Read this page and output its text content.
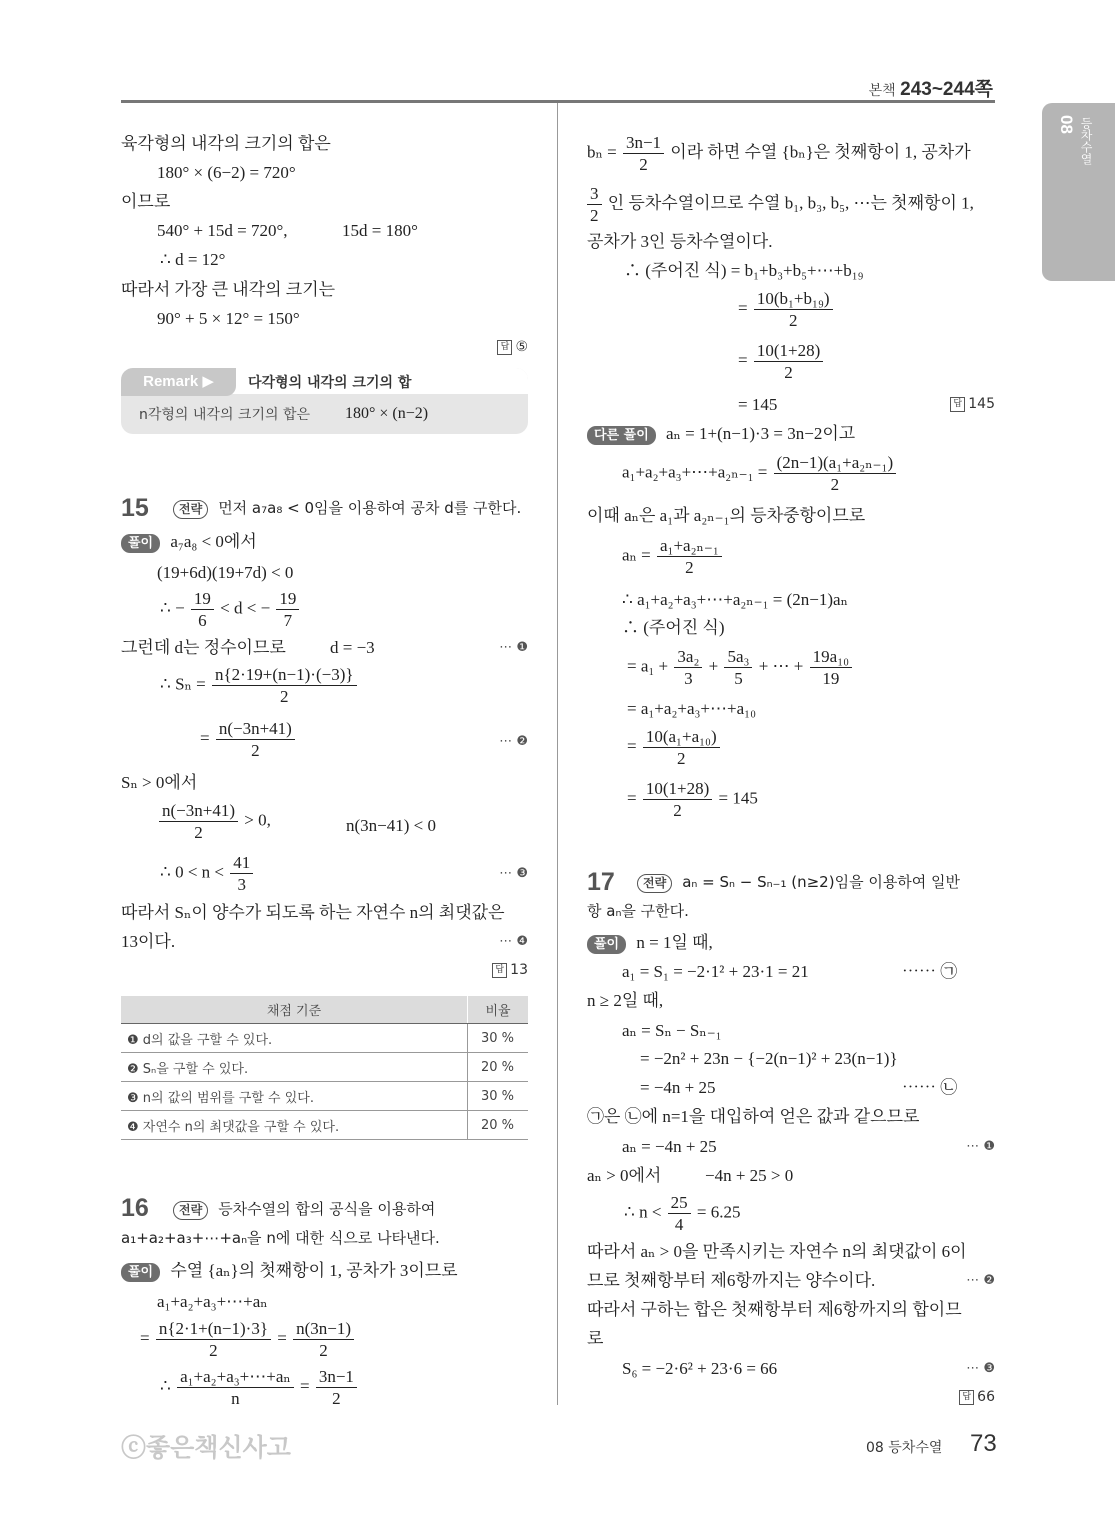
본책 243~244쪽
08 등차수열
육각형의 내각의 크기의 합은
180° × (6−2) = 720°
이므로
540° + 15d = 720°,	15d = 180°
∴ d = 12°
따라서 가장 큰 내각의 크기는
90° + 5 × 12° = 150°
답 ⑤
Remark ▶	다각형의 내각의 크기의 합
n각형의 내각의 크기의 합은 180° × (n−2)
15	전략 먼저 a₇a₈ < 0임을 이용하여 공차 d를 구한다.
풀이 a₇a₈ < 0에서
(19+6d)(19+7d) < 0
∴ − $\frac{19}{6} < d$ < − $\frac{19}{7}$
그런데 d는 정수이므로	d = −3	⋯ ❶
∴ $S_n = \frac{n\{2\cdot 19+(n-1)\cdot(-3)\}}{2}$
= $\frac{n(-3n+41)}{2}$	⋯ ❷
Sₙ > 0에서
$\frac{n(-3n+41)}{2} > 0$,	n(3n−41) < 0
∴ $0 < n < \frac{41}{3}$	⋯ ❸
따라서 Sₙ이 양수가 되도록 하는 자연수 n의 최댓값은
13이다.	⋯ ❹
답 13
채점 기준	비율
❶ d의 값을 구할 수 있다.	30 %
❷ Sₙ을 구할 수 있다.	20 %
❸ n의 값의 범위를 구할 수 있다.	30 %
❹ 자연수 n의 최댓값을 구할 수 있다.	20 %
16	전략 등차수열의 합의 공식을 이용하여
a₁+a₂+a₃+⋯+aₙ을 n에 대한 식으로 나타낸다.
풀이 수열 {aₙ}의 첫째항이 1, 공차가 3이므로
a₁+a₂+a₃+⋯+aₙ
= $\frac{n\{2\cdot 1+(n-1)\cdot 3\}}{2} = \frac{n(3n-1)}{2}$
∴ $\frac{\text{a₁+a₂+a₃+⋯+aₙ}}{n} = \frac{3n-1}{2}$
$b_n = \frac{3n-1}{2}$ 이라 하면 수열 {bₙ}은 첫째항이 1, 공차가
$\frac{3}{2}$ 인 등차수열이므로 수열 b₁, b₃, b₅, ⋯는 첫째항이 1,
공차가 3인 등차수열이다.
∴ (주어진 식) = b₁+b₃+b₅+⋯+b₁₉
= $\frac{\text{10(b₁+b₁₉)}}{2}$
= $\frac{10(1+28)}{2}$
= 145	답 145
다른 풀이 aₙ = 1+(n−1)·3 = 3n−2이고
a₁+a₂+a₃+⋯+a₂ₙ₋₁ = $\frac{\text{(2n−1)(a₁+a₂ₙ₋₁)}}{2}$
이때 aₙ은 a₁과 a₂ₙ₋₁의 등차중항이므로
$a_n = \frac{\text{a₁+a₂ₙ₋₁}}{2}$
∴ a₁+a₂+a₃+⋯+a₂ₙ₋₁ = (2n−1)aₙ
∴ (주어진 식)
= $a_1 + \frac{\text{3a₂}}{3} + \frac{\text{5a₃}}{5}$ + ⋯ + $\frac{\text{19a₁₀}}{19}$
= a₁+a₂+a₃+⋯+a₁₀
= $\frac{\text{10(a₁+a₁₀)}}{2}$
= $\frac{10(1+28)}{2} = 145$
17	전략 aₙ = Sₙ − Sₙ₋₁ (n≥2)임을 이용하여 일반
항 aₙ을 구한다.
풀이 n = 1일 때,
a₁ = S₁ = −2·1² + 23·1 = 21	⋯⋯ ㉠
n ≥ 2일 때,
aₙ = Sₙ − Sₙ₋₁
= −2n² + 23n − {−2(n−1)² + 23(n−1)}
= −4n + 25	⋯⋯ ㉡
㉠은 ㉡에 n=1을 대입하여 얻은 값과 같으므로
aₙ = −4n + 25	⋯ ❶
aₙ > 0에서	−4n + 25 > 0
∴ $n < \frac{25}{4} = 6.25$
따라서 aₙ > 0을 만족시키는 자연수 n의 최댓값이 6이
므로 첫째항부터 제6항까지는 양수이다.	⋯ ❷
따라서 구하는 합은 첫째항부터 제6항까지의 합이므
로
S₆ = −2·6² + 23·6 = 66	⋯ ❸
답 66
ⓒ좋은책신사고	08 등차수열 73
